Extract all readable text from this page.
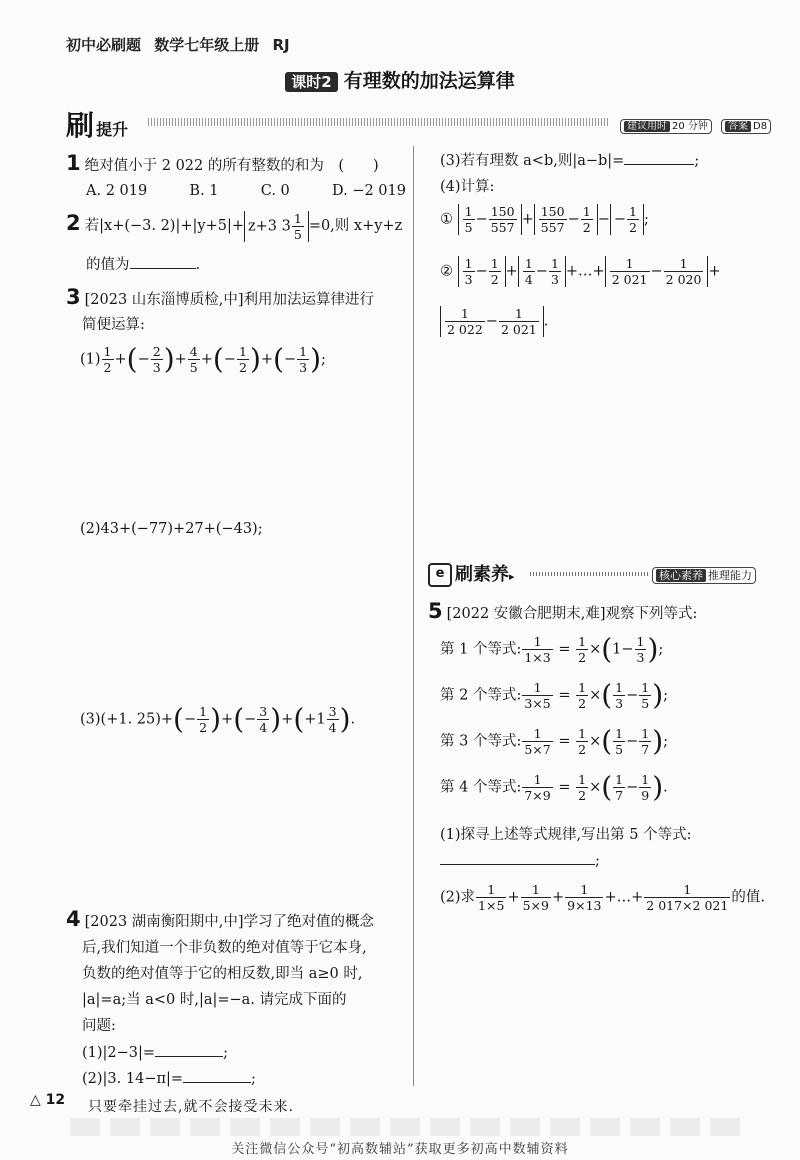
初中必刷题 数学七年级上册 RJ
课时2 有理数的加法运算律
刷提升	建议用时 20 分钟 答案 D8
1 绝对值小于 2 022 的所有整数的和为　(　　)
A. 2 019	B. 1	C. 0	D. −2 019
2 若|x+(−3. 2)|+|y+5|+ z+3 $3 \frac{1}{5} =0$,则 x+y+z
的值为	.
3 [2023 山东淄博质检,中]利用加法运算律进行
简便运算:
$(1) \frac{1}{2}$ +(− $\frac{2}{3}$ )+ $\frac{4}{5}$ +(− $\frac{1}{2}$ )+(− $\frac{1}{3}$ );
(2)43+(−77)+27+(−43);
(3)(+1. $25)+(- \frac{1}{2}$ )+(− $\frac{3}{4} )+(+1 \frac{3}{4}$ ).
4 [2023 湖南衡阳期中,中]学习了绝对值的概念
后,我们知道一个非负数的绝对值等于它本身,
负数的绝对值等于它的相反数,即当 a≥0 时,
|a|=a;当 a<0 时,|a|=−a. 请完成下面的
问题:
(1)|2−3|=	;
(2)|3. 14−π|=	;
(3)若有理数 a<b,则|a−b|=	;
(4)计算:
① $\frac{1}{5} - \frac{150}{557} + \frac{150}{557} - \frac{1}{2}$ − − $\frac{1}{2}$ ;
② $\frac{1}{3} - \frac{1}{2} + \frac{1}{4} - \frac{1}{3}$ +…+ $\frac{1}{2 021} - \frac{1}{2 020}$ +
$\frac{1}{2 022} - \frac{1}{2 021}$ .
e 刷素养▸	核心素养 推理能力
5 [2022 安徽合肥期末,难]观察下列等式:
第 1 个等式: $\frac{1}{1\times 3} = \frac{1}{2} \times(1- \frac{1}{3}$ );
第 2 个等式: $\frac{1}{3\times 5} = \frac{1}{2}$ ×( $\frac{1}{3} - \frac{1}{5}$ );
第 3 个等式: $\frac{1}{5\times 7} = \frac{1}{2}$ ×( $\frac{1}{5} - \frac{1}{7}$ );
第 4 个等式: $\frac{1}{7\times 9} = \frac{1}{2}$ ×( $\frac{1}{7} - \frac{1}{9}$ ).
(1)探寻上述等式规律,写出第 5 个等式:
;
(2)求 $\frac{1}{1\times 5} + \frac{1}{5\times 9} + \frac{1}{9\times 13}$ +…+ $\frac{1}{2 017\times 2 021}$ 的值.
△ 12 只要牵挂过去,就不会接受未来.
关注微信公众号“初高数辅站”获取更多初高中数辅资料
